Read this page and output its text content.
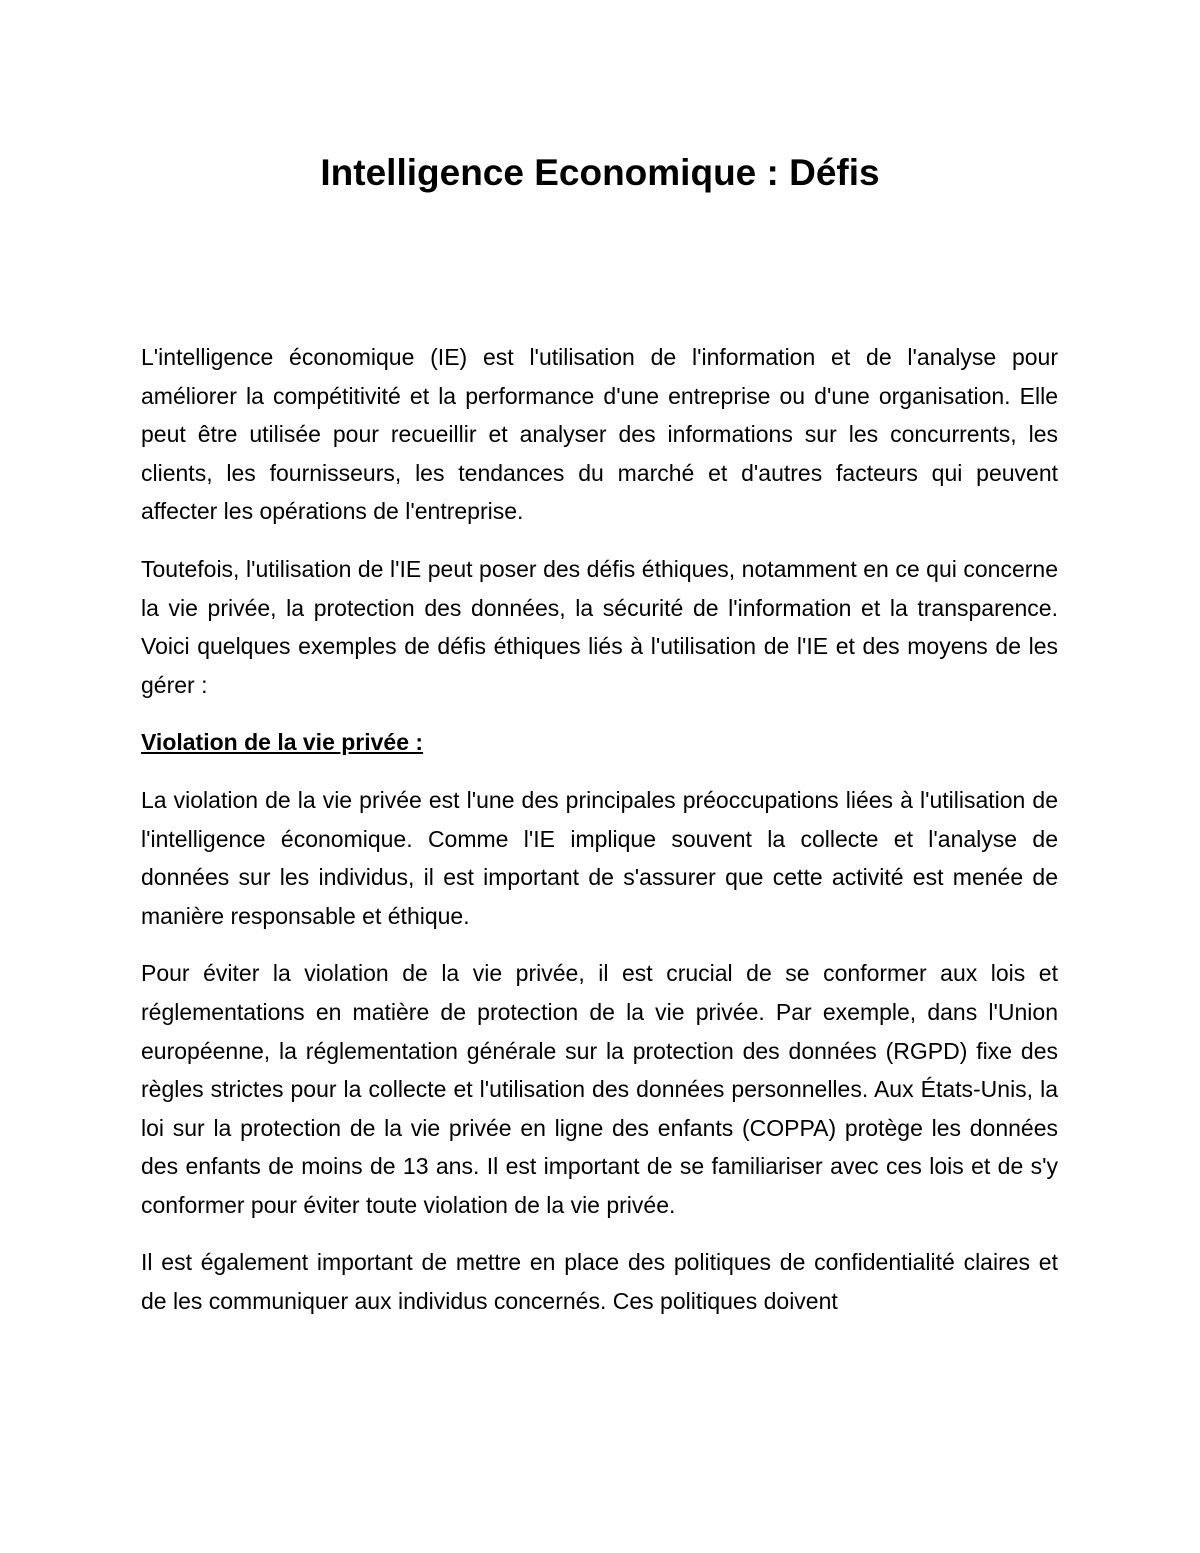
Intelligence Economique : Défis

L'intelligence économique (IE) est l'utilisation de l'information et de l'analyse pour améliorer la compétitivité et la performance d'une entreprise ou d'une organisation. Elle peut être utilisée pour recueillir et analyser des informations sur les concurrents, les clients, les fournisseurs, les tendances du marché et d'autres facteurs qui peuvent affecter les opérations de l'entreprise.

Toutefois, l'utilisation de l'IE peut poser des défis éthiques, notamment en ce qui concerne la vie privée, la protection des données, la sécurité de l'information et la transparence. Voici quelques exemples de défis éthiques liés à l'utilisation de l'IE et des moyens de les gérer :

Violation de la vie privée :

La violation de la vie privée est l'une des principales préoccupations liées à l'utilisation de l'intelligence économique. Comme l'IE implique souvent la collecte et l'analyse de données sur les individus, il est important de s'assurer que cette activité est menée de manière responsable et éthique.

Pour éviter la violation de la vie privée, il est crucial de se conformer aux lois et réglementations en matière de protection de la vie privée. Par exemple, dans l'Union européenne, la réglementation générale sur la protection des données (RGPD) fixe des règles strictes pour la collecte et l'utilisation des données personnelles. Aux États-Unis, la loi sur la protection de la vie privée en ligne des enfants (COPPA) protège les données des enfants de moins de 13 ans. Il est important de se familiariser avec ces lois et de s'y conformer pour éviter toute violation de la vie privée.

Il est également important de mettre en place des politiques de confidentialité claires et de les communiquer aux individus concernés. Ces politiques doivent
